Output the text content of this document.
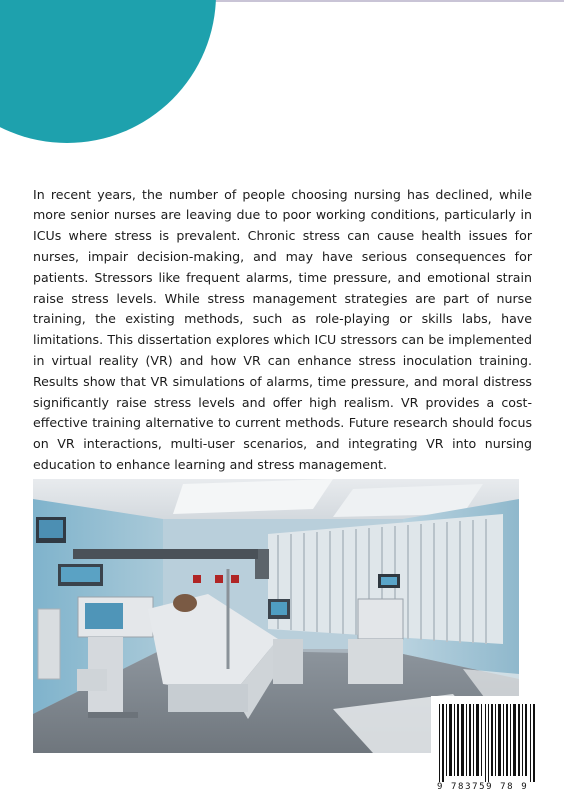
In recent years, the number of people choosing nursing has declined, while more senior nurses are leaving due to poor working conditions, particularly in ICUs where stress is prevalent. Chronic stress can cause health issues for nurses, impair decision-making, and may have serious consequences for patients. Stressors like frequent alarms, time pressure, and emotional strain raise stress levels. While stress management strategies are part of nurse training, the existing methods, such as role-playing or skills labs, have limitations. This dissertation explores which ICU stressors can be implemented in virtual reality (VR) and how VR can enhance stress inoculation training. Results show that VR simulations of alarms, time pressure, and moral distress significantly raise stress levels and offer high realism. VR provides a cost-effective training alternative to current methods. Future research should focus on VR interactions, multi-user scenarios, and integrating VR into nursing education to enhance learning and stress management.

9 783759 78 9
